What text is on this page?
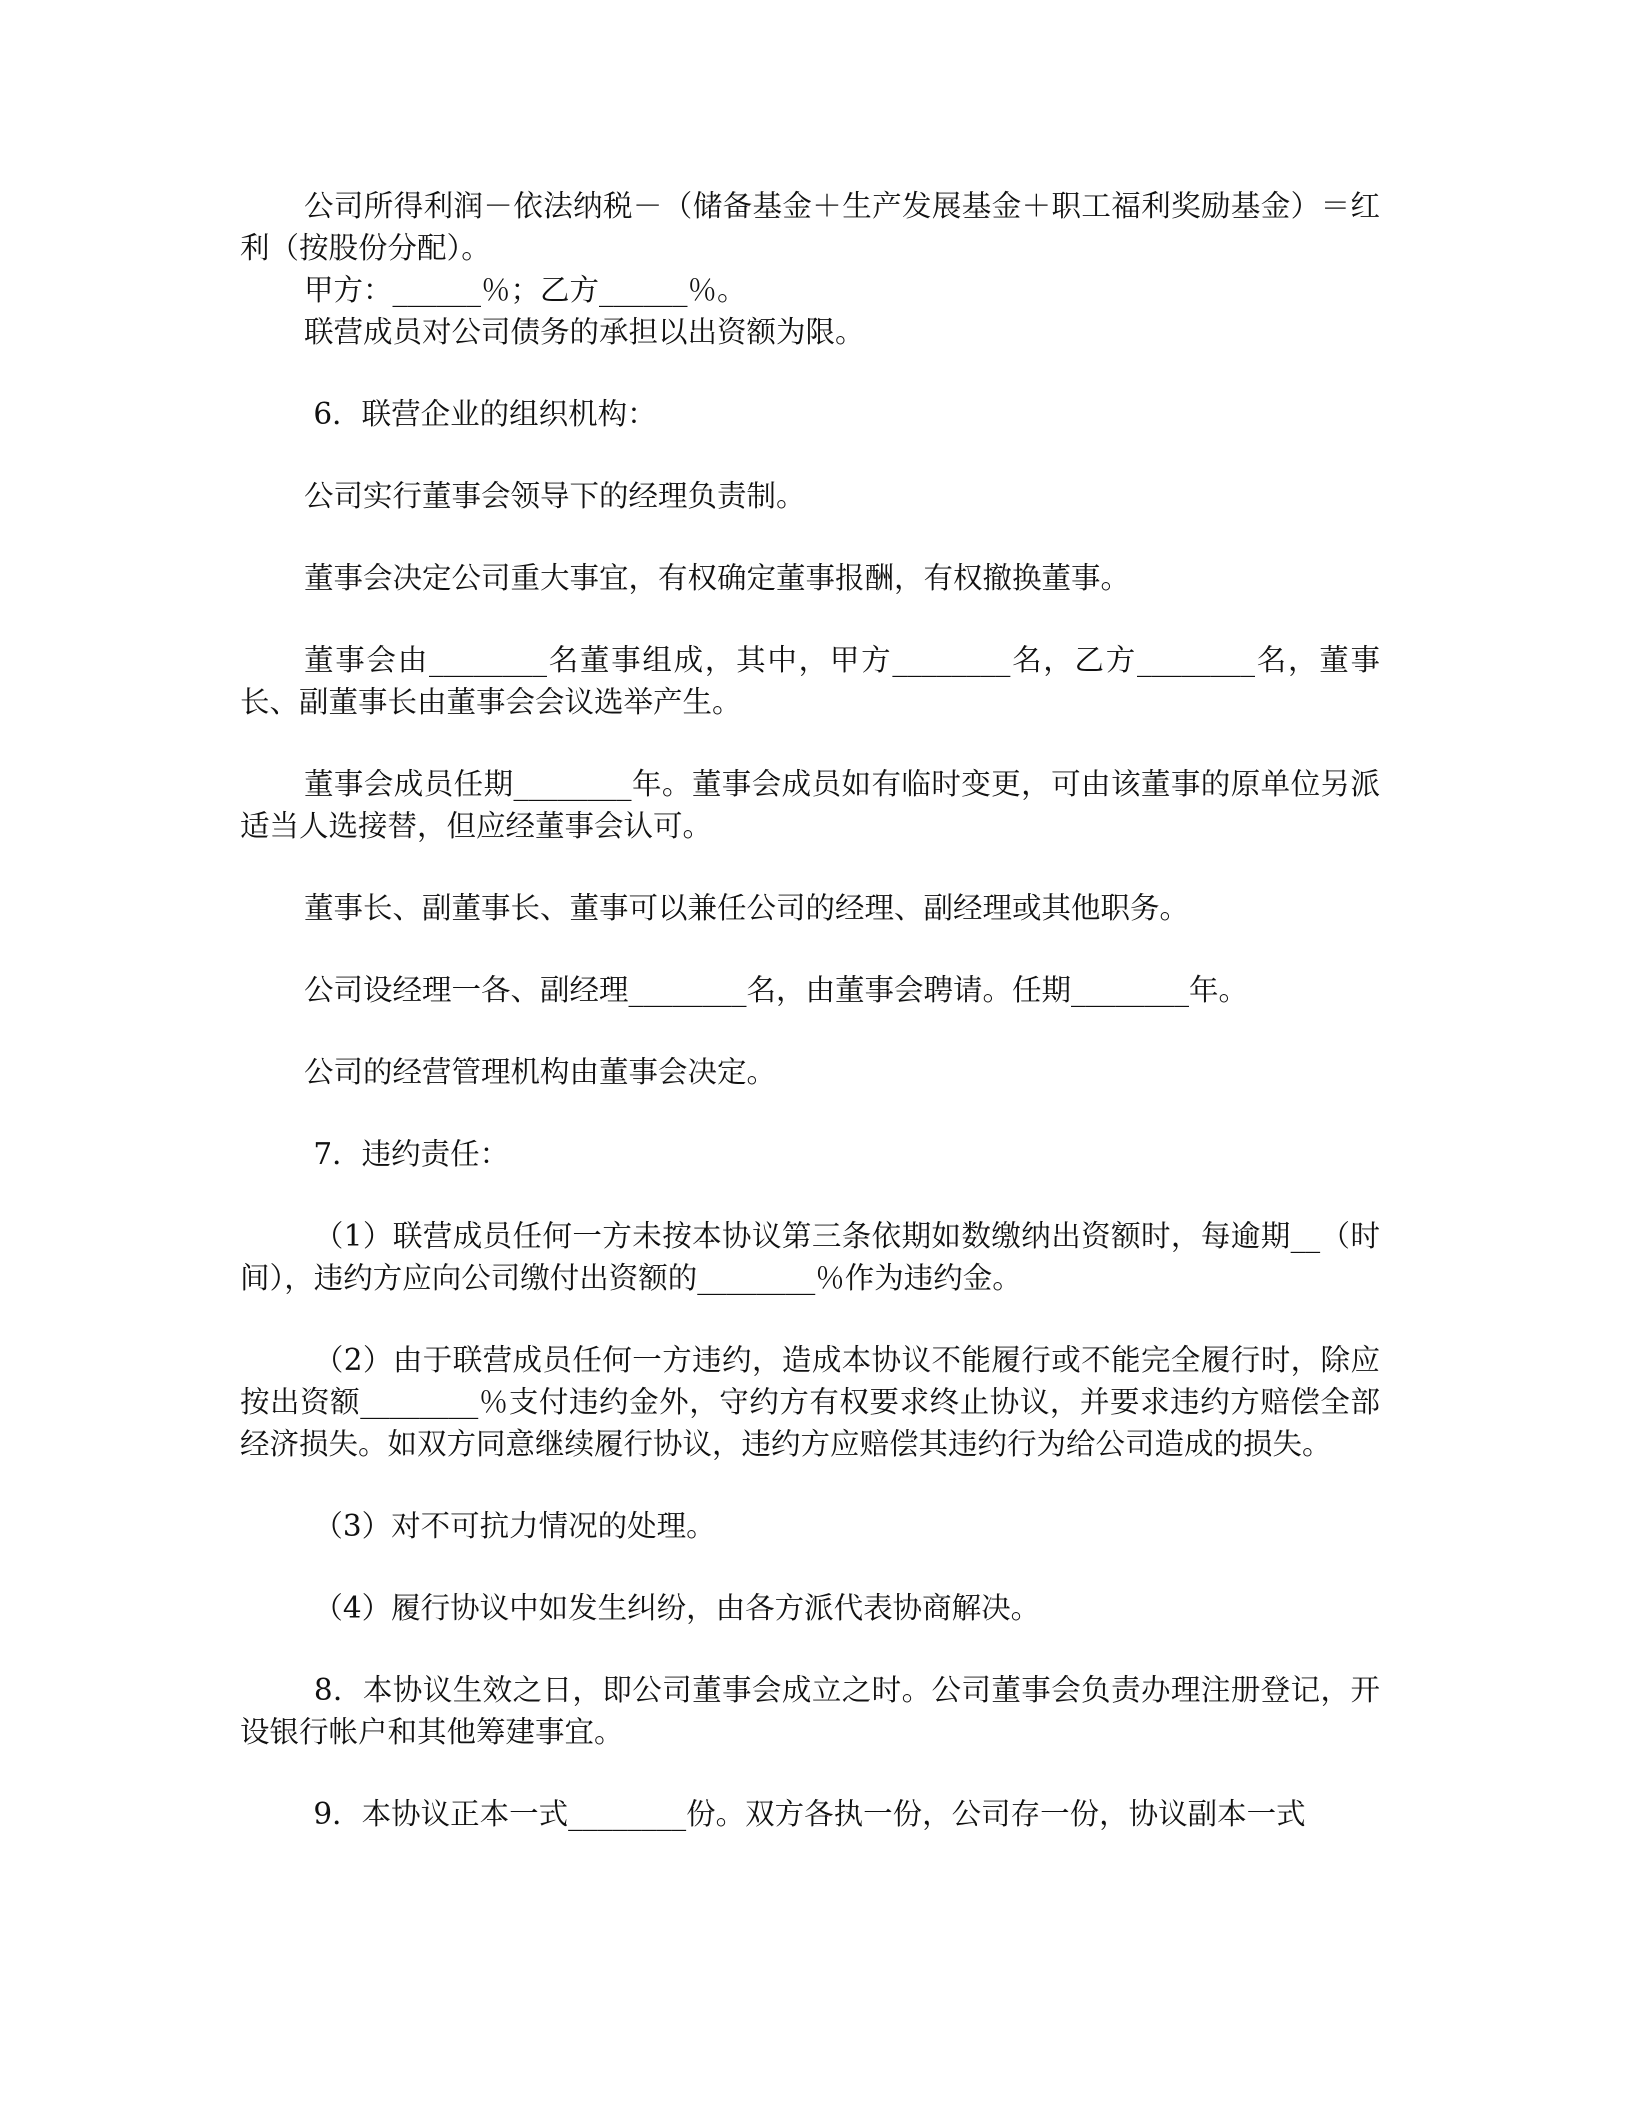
公司所得利润－依法纳税－（储备基金＋生产发展基金＋职工福利奖励基金）＝红利（按股份分配）。

甲方：______％；乙方______％。

联营成员对公司债务的承担以出资额为限。

6．联营企业的组织机构：

公司实行董事会领导下的经理负责制。

董事会决定公司重大事宜，有权确定董事报酬，有权撤换董事。

董事会由________名董事组成，其中，甲方________名，乙方________名，董事长、副董事长由董事会会议选举产生。

董事会成员任期________年。董事会成员如有临时变更，可由该董事的原单位另派适当人选接替，但应经董事会认可。

董事长、副董事长、董事可以兼任公司的经理、副经理或其他职务。

公司设经理一各、副经理________名，由董事会聘请。任期________年。

公司的经营管理机构由董事会决定。

7．违约责任：

（1）联营成员任何一方未按本协议第三条依期如数缴纳出资额时，每逾期__（时间），违约方应向公司缴付出资额的________％作为违约金。

（2）由于联营成员任何一方违约，造成本协议不能履行或不能完全履行时，除应按出资额________％支付违约金外，守约方有权要求终止协议，并要求违约方赔偿全部经济损失。如双方同意继续履行协议，违约方应赔偿其违约行为给公司造成的损失。

（3）对不可抗力情况的处理。

（4）履行协议中如发生纠纷，由各方派代表协商解决。

8．本协议生效之日，即公司董事会成立之时。公司董事会负责办理注册登记，开设银行帐户和其他筹建事宜。

9．本协议正本一式________份。双方各执一份，公司存一份，协议副本一式
